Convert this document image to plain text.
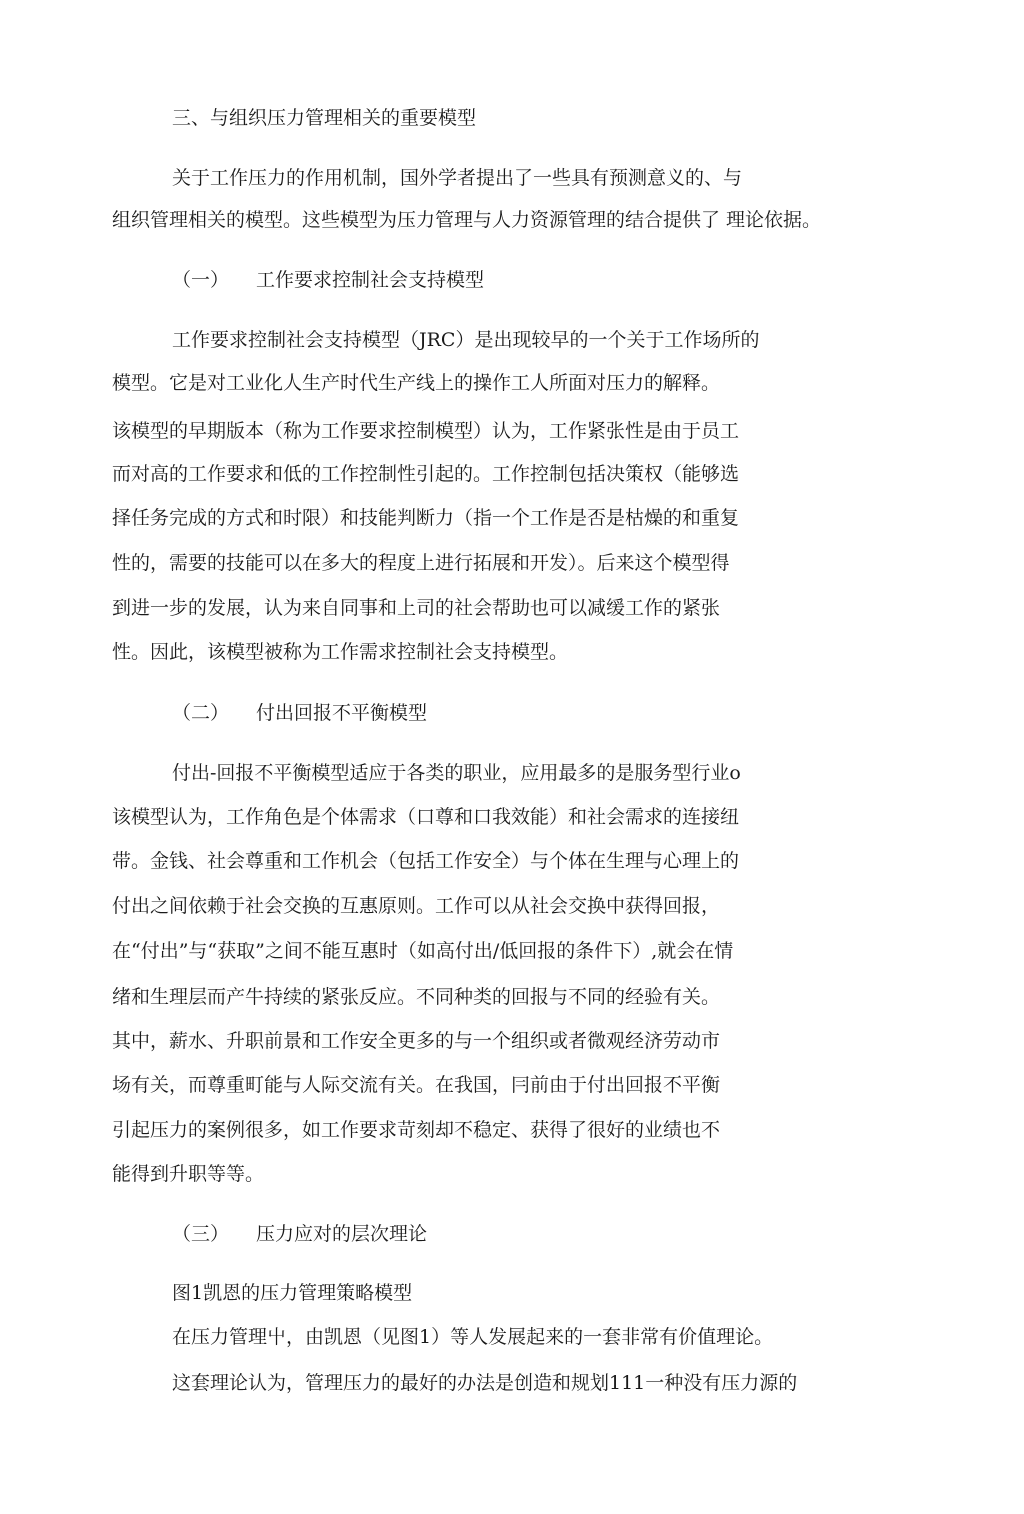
三、与组织压力管理相关的重要模型
关于工作压力的作用机制，国外学者提出了一些具有预测意义的、与
组织管理相关的模型。这些模型为压力管理与人力资源管理的结合提供了 理论依据。
（一） 工作要求控制社会支持模型
工作要求控制社会支持模型（JRC）是出现较早的一个关于工作场所的
模型。它是对工业化人生产时代生产线上的操作工人所面对压力的解释。
该模型的早期版本（称为工作要求控制模型）认为，工作紧张性是由于员工
而对高的工作要求和低的工作控制性引起的。工作控制包括决策权（能够选
择任务完成的方式和时限）和技能判断力（指一个工作是否是枯燥的和重复
性的，需要的技能可以在多大的程度上进行拓展和开发）。后来这个模型得
到进一步的发展，认为来自同事和上司的社会帮助也可以减缓工作的紧张
性。因此，该模型被称为工作需求控制社会支持模型。
（二） 付出回报不平衡模型
付出-回报不平衡模型适应于各类的职业，应用最多的是服务型行业o
该模型认为，工作角色是个体需求（口尊和口我效能）和社会需求的连接纽
带。金钱、社会尊重和工作机会（包括工作安全）与个体在生理与心理上的
付出之间依赖于社会交换的互惠原则。工作可以从社会交换中获得回报，
在“付出”与“获取”之间不能互惠时（如高付出/低回报的条件下）,就会在情
绪和生理层而产牛持续的紧张反应。不同种类的回报与不同的经验有关。
其中，薪水、升职前景和工作安全更多的与一个组织或者微观经济劳动市
场有关，而尊重町能与人际交流有关。在我国，冃前由于付出回报不平衡
引起压力的案例很多，如工作要求苛刻却不稳定、获得了很好的业绩也不
能得到升职等等。
（三） 压力应对的层次理论
图1凯恩的压力管理策略模型
在压力管理屮，由凯恩（见图1）等人发展起来的一套非常有价值理论。
这套理论认为，管理压力的最好的办法是创造和规划111一种没有压力源的
